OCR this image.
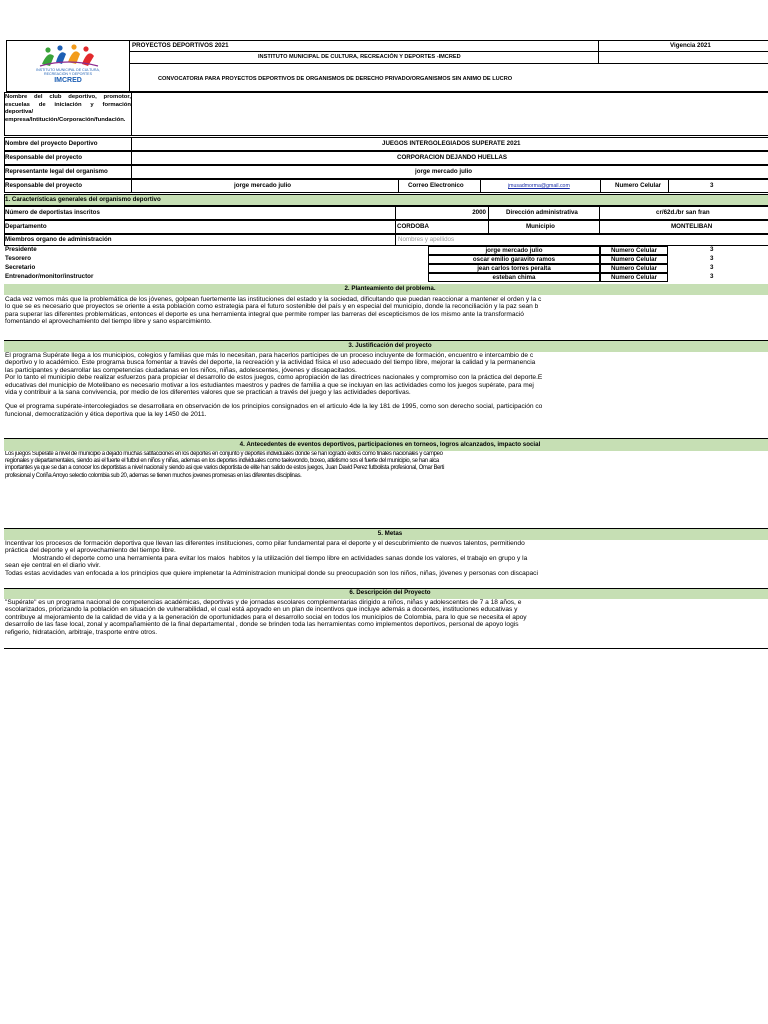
INSTITUTO MUNICIPAL DE CULTURA,
RECREACIÓN Y DEPORTES
IMCRED
PROYECTOS DEPORTIVOS 2021	Vigencia 2021
INSTITUTO MUNICIPAL DE CULTURA, RECREACIÓN Y DEPORTES -IMCRED
CONVOCATORIA PARA PROYECTOS DEPORTIVOS DE ORGANISMOS DE DERECHO PRIVADO/ORGANISMOS SIN ANIMO DE LUCRO
Nombre del club deportivo, promotor, escuelas de iniciación y formación deportiva/ empresa/Intitución/Corporación/fundación.
Nombre del proyecto Deportivo	JUEGOS INTERGOLEGIADOS SUPERATE 2021
Responsable del proyecto	CORPORACION DEJANDO HUELLAS
Representante legal del organismo	jorge mercado julio
Responsable del proyecto	jorge mercado julio	Correo Electronico	jmusadmorma@gmail.com	Numero Celular	3
1. Características generales del organismo deportivo
Número de deportistas inscritos	2000	Dirección administrativa	cr/62d./br san fran
Departamento	CORDOBA	Municipio	MONTELIBAN
Miembros organo de administración	Nombres y apellidos
Presidente	jorge mercado julio	Numero Celular	3
Tesorero	oscar emilio garavito ramos	Numero Celular	3
Secretario	jean carlos torres peralta	Numero Celular	3
Entrenador/monitor/instructor	esteban chima	Numero Celular	3
2. Planteamiento del problema.
Cada vez vemos más que la problemática de los jóvenes, golpean fuertemente las instituciones del estado y la sociedad, dificultando que puedan reaccionar a mantener el orden y la c
lo que se es necesario que proyectos se oriente a esta población como estrategia para el futuro sostenible del país y en especial del municipio, donde la reconciliación y la paz sean b
para superar las diferentes problemáticas, entonces el deporte es una herramienta integral que permite romper las barreras del escepticismos de los mismo ante la transformació
fomentando el aprovechamiento del tiempo libre y sano esparcimiento.
3. Justificación del proyecto
El programa Supérate llega a los municipios, colegios y familias que más lo necesitan, para hacerlos partícipes de un proceso incluyente de formación, encuentro e intercambio de c
deportivo y lo académico. Este programa busca fomentar a través del deporte, la recreación y la actividad física el uso adecuado del tiempo libre, mejorar la calidad y la permanencia
las participantes y desarrollar las competencias ciudadanas en los niños, niñas, adolescentes, jóvenes y discapacitados.
Por lo tanto el municipio debe realizar esfuerzos para propiciar el desarrollo de estos juegos, como apropiación de las directrices nacionales y compromiso con la práctica del deporte.E
educativas del municipio de Motelibano es necesario motivar a los estudiantes maestros y padres de familia a que se incluyan en las actividades como los juegos supérate, para mej
vida y contribuir a la sana convivencia, por medio de los diferentes valores que se practican a través del juego y las actividades deportivas.
Que el programa supérate-intercolegiados se desarrollara en observación de los principios consignados en el articulo 4de la ley 181 de 1995, como son derecho social, participación co
funcional, democratización y ética deportiva que la ley 1450 de 2011.
4. Antecedentes de eventos deportivos, participaciones en torneos, logros alcanzados, impacto social
Los juegos Superate a nivel de municipio a dejado muchas satifacciones en los deportes en conjunto y deportes individuales donde se han logrado exitos como finales nacionales y campeo
regionales y departamentales, siendo asi el fuerte el futbol en niños y niñas, ademas en los deportes individuales como taekwondo, boxeo, atletismo sos el fuerte del municipio, se han alca
importantes ya que se dan a conocer los deportistas a nivel nacional y siendo asi que varios deportista de elite han salido de estos juegos, Juan David Perez futbolista profesional, Omar Berti
profesional y Coriña Arroyo selectio colombia sub 20, ademas se tienen muchos jovenes promesas en las diferentes disciplinas.
5. Metas
Incentivar los procesos de formación deportiva que llevan las diferentes instituciones, como pilar fundamental para el deporte y el descubrimiento de nuevos talentos, permitiendo
práctica del deporte y el aprovechamiento del tiempo libre.
Mostrando el deporte como una herramienta para evitar los malos  habitos y la utilización del tiempo libre en actividades sanas donde los valores, el trabajo en grupo y la
sean eje central en el diario vivir.
Todas estas acvidades van enfocada a los principios que quiere implenetar la Administracion municipal donde su preocupación son los niños, niñas, jóvenes y personas con discapaci
6. Descripción del Proyecto
"Supérate" es un programa nacional de competencias académicas, deportivas y de jornadas escolares complementarias dirigido a niños, niñas y adolescentes de 7 a 18 años, e
escolarizados, priorizando la población en situación de vulnerabilidad, el cual está apoyado en un plan de incentivos que incluye además a docentes, instituciones educativas y
contribuye al mejoramiento de la calidad de vida y a la generación de oportunidades para el desarrollo social en todos los municipios de Colombia, para lo que se necesita el apoy
desarrollo de las fase local, zonal y acompañamiento de la final departamental , donde se brinden toda las herramientas como implementos deportivos, personal de apoyo logis
refigerio, hidratación, arbitraje, trasporte entre otros.
